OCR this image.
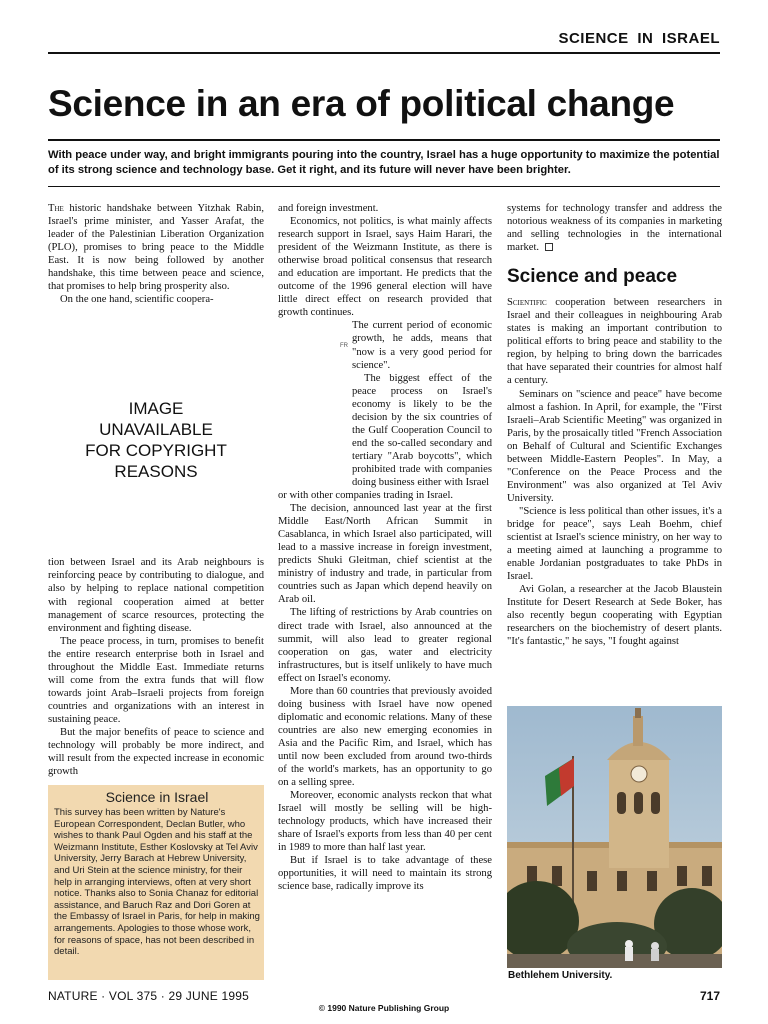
SCIENCE IN ISRAEL
Science in an era of political change
With peace under way, and bright immigrants pouring into the country, Israel has a huge opportunity to maximize the potential of its strong science and technology base. Get it right, and its future will never have been brighter.

The historic handshake between Yitzhak Rabin, Israel's prime minister, and Yasser Arafat, the leader of the Palestinian Liberation Organization (PLO), promises to bring peace to the Middle East. It is now being followed by another handshake, this time between peace and science, that promises to help bring prosperity also.

On the one hand, scientific coopera-

IMAGE
UNAVAILABLE
FOR COPYRIGHT
REASONS

tion between Israel and its Arab neighbours is reinforcing peace by contributing to dialogue, and also by helping to replace national competition with regional cooperation aimed at better management of scarce resources, protecting the environment and fighting disease.

The peace process, in turn, promises to benefit the entire research enterprise both in Israel and throughout the Middle East. Immediate returns will come from the extra funds that will flow towards joint Arab–Israeli projects from foreign countries and organizations with an interest in sustaining peace.

But the major benefits of peace to science and technology will probably be more indirect, and will result from the expected increase in economic growth

Science in Israel
This survey has been written by Nature's European Correspondent, Declan Butler, who wishes to thank Paul Ogden and his staff at the Weizmann Institute, Esther Koslovsky at Tel Aviv University, Jerry Barach at Hebrew University, and Uri Stein at the science ministry, for their help in arranging interviews, often at very short notice. Thanks also to Sonia Chanaz for editorial assistance, and Baruch Raz and Dori Goren at the Embassy of Israel in Paris, for help in making arrangements. Apologies to those whose work, for reasons of space, has not been described in detail.

and foreign investment.

Economics, not politics, is what mainly affects research support in Israel, says Haim Harari, the president of the Weizmann Institute, as there is otherwise broad political consensus that research and education are important. He predicts that the outcome of the 1996 general election will have little direct effect on research provided that growth continues.

FR

The current period of economic growth, he adds, means that "now is a very good period for science".

The biggest effect of the peace process on Israel's economy is likely to be the decision by the six countries of the Gulf Cooperation Council to end the so-called secondary and tertiary "Arab boycotts", which prohibited trade with companies doing business either with Israel

or with other companies trading in Israel.

The decision, announced last year at the first Middle East/North African Summit in Casablanca, in which Israel also participated, will lead to a massive increase in foreign investment, predicts Shuki Gleitman, chief scientist at the ministry of industry and trade, in particular from countries such as Japan which depend heavily on Arab oil.

The lifting of restrictions by Arab countries on direct trade with Israel, also announced at the summit, will also lead to greater regional cooperation on gas, water and electricity infrastructures, but is itself unlikely to have much effect on Israel's economy.

More than 60 countries that previously avoided doing business with Israel have now opened diplomatic and economic relations. Many of these countries are also new emerging economies in Asia and the Pacific Rim, and Israel, which has until now been excluded from around two-thirds of the world's markets, has an opportunity to go on a selling spree.

Moreover, economic analysts reckon that what Israel will mostly be selling will be high-technology products, which have increased their share of Israel's exports from less than 40 per cent in 1989 to more than half last year.

But if Israel is to take advantage of these opportunities, it will need to maintain its strong science base, radically improve its

systems for technology transfer and address the notorious weakness of its companies in marketing and selling technologies in the international market.

Science and peace

Scientific cooperation between researchers in Israel and their colleagues in neighbouring Arab states is making an important contribution to political efforts to bring peace and stability to the region, by helping to bring down the barricades that have separated their countries for almost half a century.

Seminars on "science and peace" have become almost a fashion. In April, for example, the "First Israeli–Arab Scientific Meeting" was organized in Paris, by the prosaically titled "French Association on Behalf of Cultural and Scientific Exchanges between Middle-Eastern Peoples". In May, a "Conference on the Peace Process and the Environment" was also organized at Tel Aviv University.

"Science is less political than other issues, it's a bridge for peace", says Leah Boehm, chief scientist at Israel's science ministry, on her way to a meeting aimed at launching a programme to enable Jordanian postgraduates to take PhDs in Israel.

Avi Golan, a researcher at the Jacob Blaustein Institute for Desert Research at Sede Boker, has also recently begun cooperating with Egyptian researchers on the biochemistry of desert plants. "It's fantastic," he says, "I fought against

Bethlehem University.
NATURE · VOL 375 · 29 JUNE 1995	717
© 1990 Nature Publishing Group
